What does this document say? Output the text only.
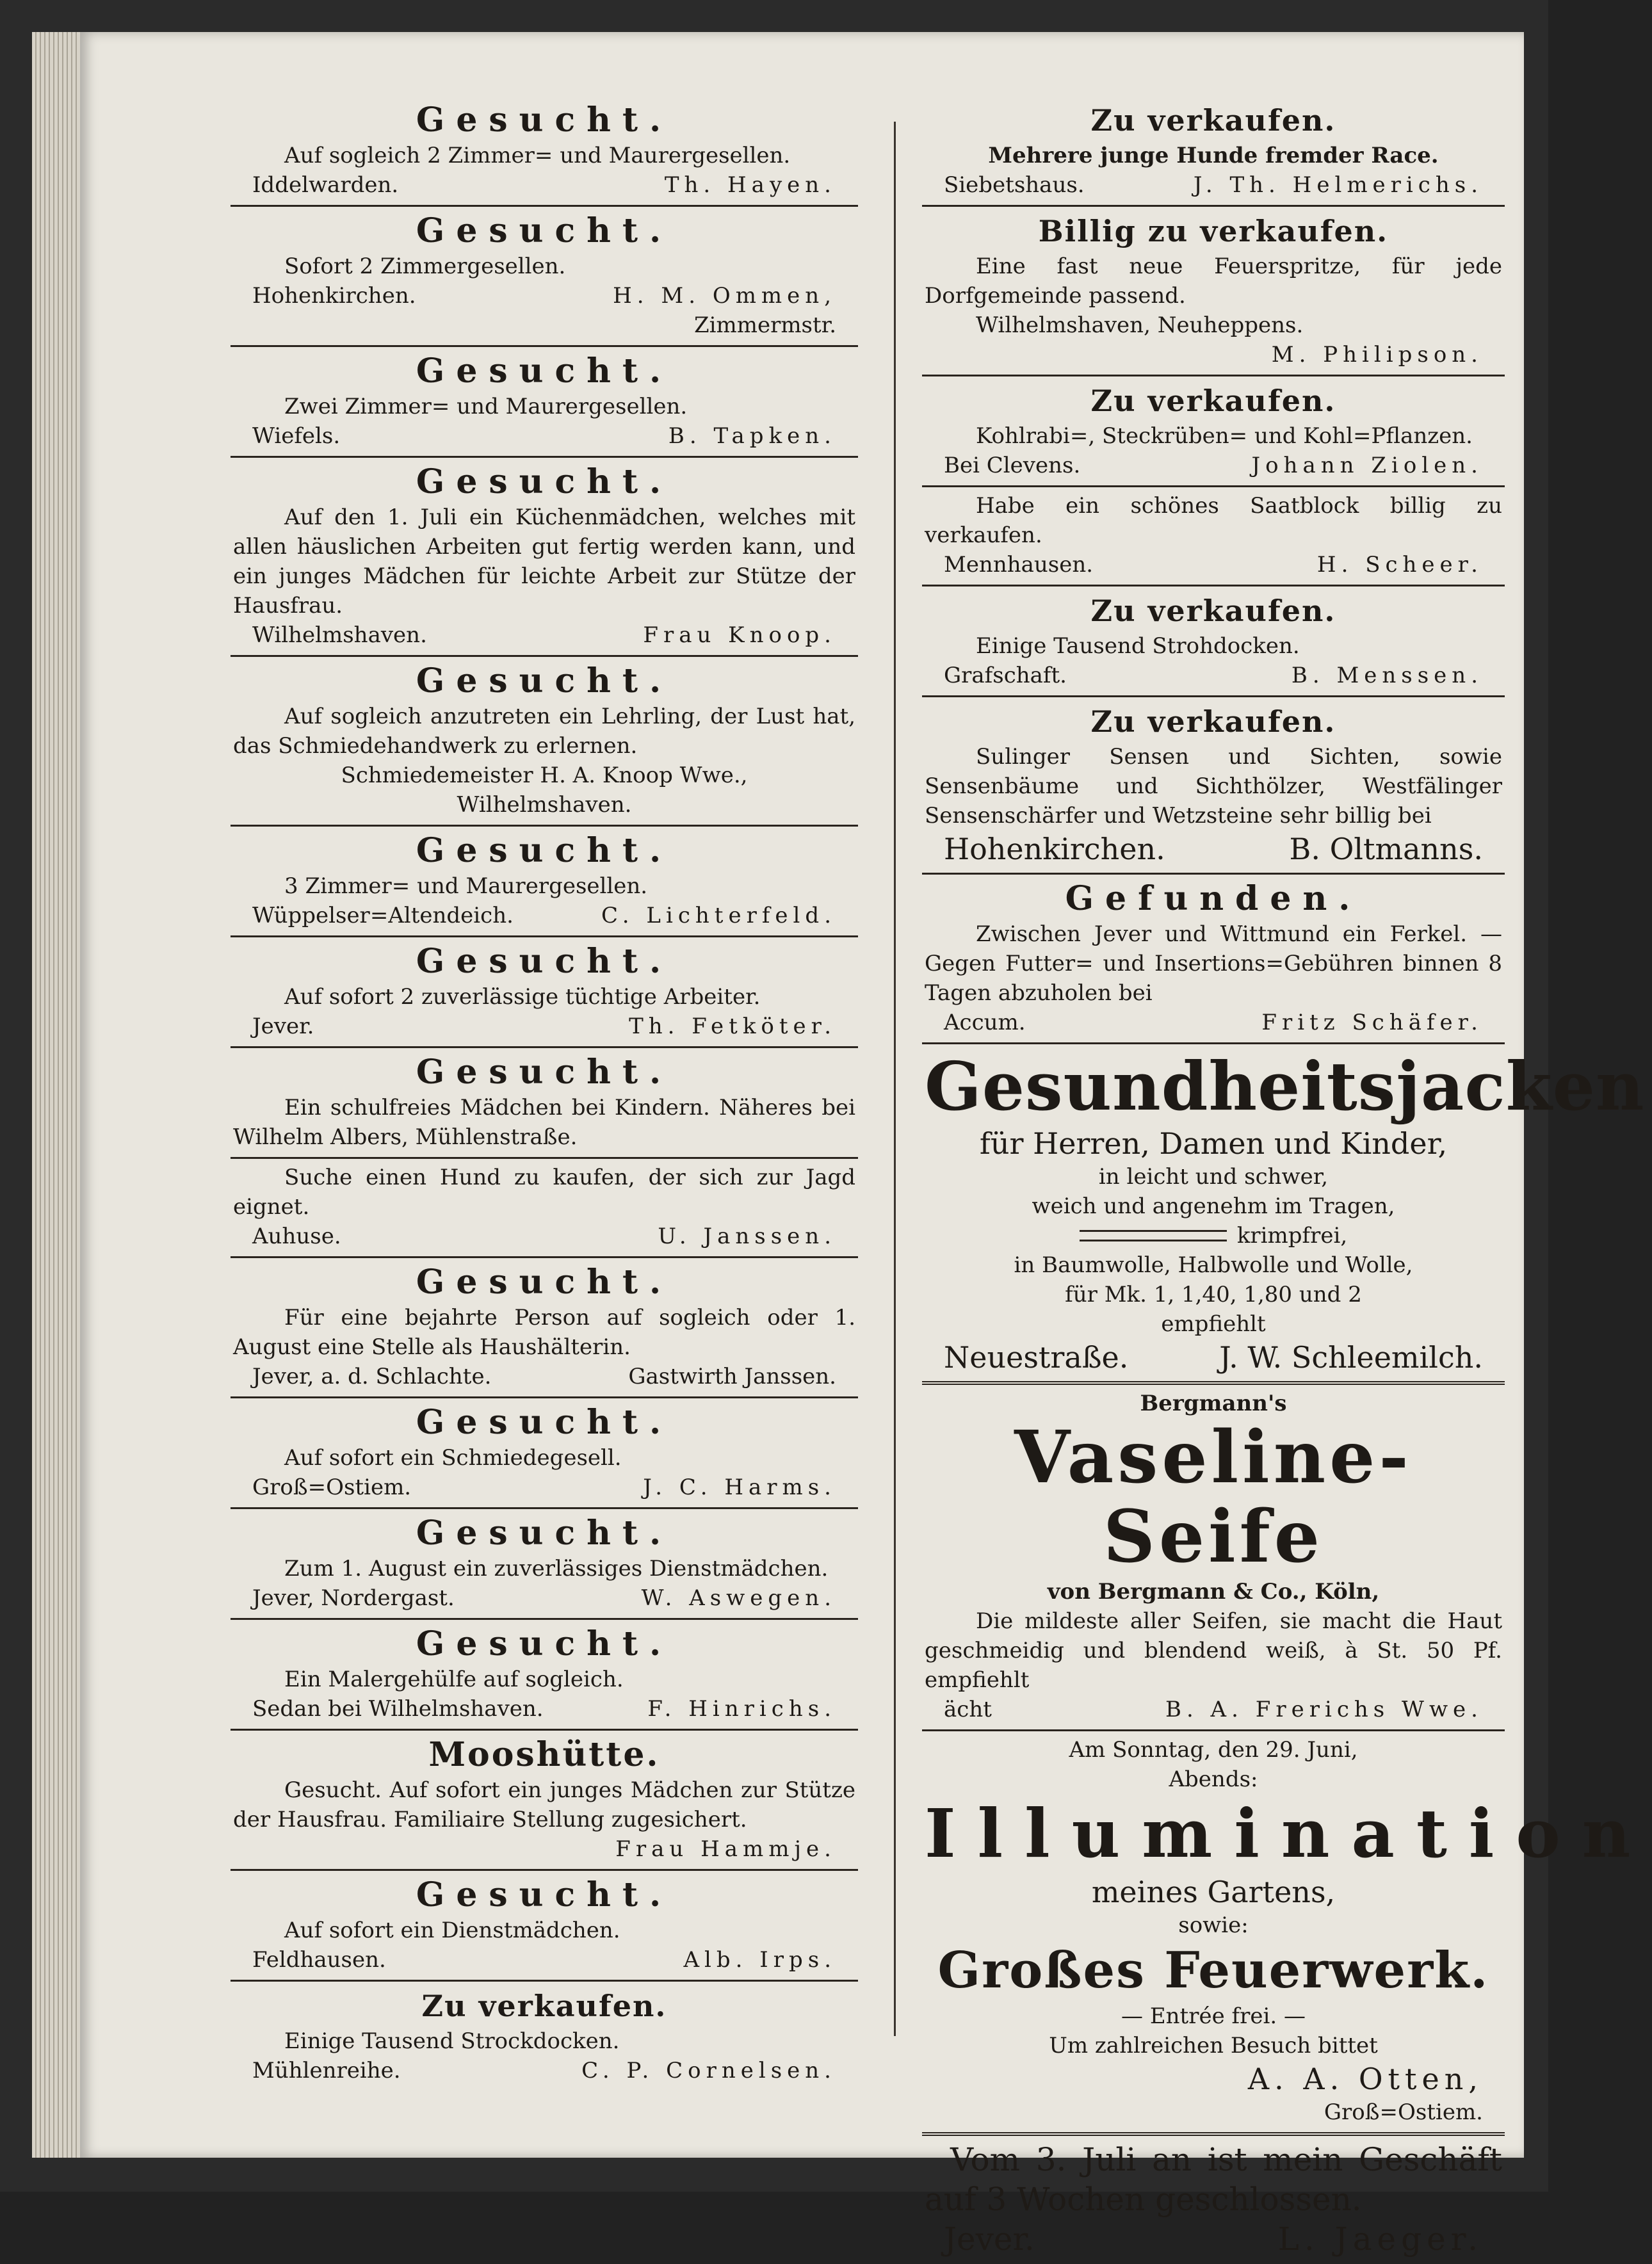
Gesucht.
Auf sogleich 2 Zimmer= und Maurergesellen.
Iddelwarden.	Th. Hayen.
Gesucht.
Sofort 2 Zimmergesellen.
Hohenkirchen.	H. M. Ommen,
Zimmermstr.
Gesucht.
Zwei Zimmer= und Maurergesellen.
Wiefels.	B. Tapken.
Gesucht.
Auf den 1. Juli ein Küchenmädchen, welches mit allen häuslichen Arbeiten gut fertig werden kann, und ein junges Mädchen für leichte Arbeit zur Stütze der Hausfrau.
Wilhelmshaven.	Frau Knoop.
Gesucht.
Auf sogleich anzutreten ein Lehrling, der Lust hat, das Schmiedehandwerk zu erlernen.
Schmiedemeister H. A. Knoop Wwe.,
Wilhelmshaven.
Gesucht.
3 Zimmer= und Maurergesellen.
Wüppelser=Altendeich.	C. Lichterfeld.
Gesucht.
Auf sofort 2 zuverlässige tüchtige Arbeiter.
Jever.	Th. Fetköter.
Gesucht.
Ein schulfreies Mädchen bei Kindern. Näheres bei Wilhelm Albers, Mühlenstraße.
Suche einen Hund zu kaufen, der sich zur Jagd eignet.
Auhuse.	U. Janssen.
Gesucht.
Für eine bejahrte Person auf sogleich oder 1. August eine Stelle als Haushälterin.
Jever, a. d. Schlachte.	Gastwirth Janssen.
Gesucht.
Auf sofort ein Schmiedegesell.
Groß=Ostiem.	J. C. Harms.
Gesucht.
Zum 1. August ein zuverlässiges Dienstmädchen.
Jever, Nordergast.	W. Aswegen.
Gesucht.
Ein Malergehülfe auf sogleich.
Sedan bei Wilhelmshaven.	F. Hinrichs.
Mooshütte.
Gesucht. Auf sofort ein junges Mädchen zur Stütze der Hausfrau. Familiaire Stellung zugesichert.
Frau Hammje.
Gesucht.
Auf sofort ein Dienstmädchen.
Feldhausen.	Alb. Irps.
Zu verkaufen.
Einige Tausend Strockdocken.
Mühlenreihe.	C. P. Cornelsen.
Zu verkaufen.
Mehrere junge Hunde fremder Race.
Siebetshaus.	J. Th. Helmerichs.
Billig zu verkaufen.
Eine fast neue Feuerspritze, für jede Dorfgemeinde passend.
Wilhelmshaven, Neuheppens.
M. Philipson.
Zu verkaufen.
Kohlrabi=, Steckrüben= und Kohl=Pflanzen.
Bei Clevens.	Johann Ziolen.
Habe ein schönes Saatblock billig zu verkaufen.
Mennhausen.	H. Scheer.
Zu verkaufen.
Einige Tausend Strohdocken.
Grafschaft.	B. Menssen.
Zu verkaufen.
Sulinger Sensen und Sichten, sowie Sensenbäume und Sichthölzer, Westfälinger Sensenschärfer und Wetzsteine sehr billig bei
Hohenkirchen.	B. Oltmanns.
Gefunden.
Zwischen Jever und Wittmund ein Ferkel. — Gegen Futter= und Insertions=Gebühren binnen 8 Tagen abzuholen bei
Accum.	Fritz Schäfer.
Gesundheitsjacken
für Herren, Damen und Kinder,
in leicht und schwer,
weich und angenehm im Tragen,
krimpfrei,
in Baumwolle, Halbwolle und Wolle,
für Mk. 1, 1,40, 1,80 und 2
empfiehlt
Neuestraße.	J. W. Schleemilch.
Bergmann's
Vaseline-Seife
von Bergmann & Co., Köln,
Die mildeste aller Seifen, sie macht die Haut geschmeidig und blendend weiß, à St. 50 Pf. empfiehlt
ächt	B. A. Frerichs Wwe.
Am Sonntag, den 29. Juni,
Abends:
Illumination
meines Gartens,
sowie:
Großes Feuerwerk.
— Entrée frei. —
Um zahlreichen Besuch bittet
A. A. Otten,
Groß=Ostiem.
Vom 3. Juli an ist mein Geschäft auf 3 Wochen geschlossen.
Jever.	L. Jaeger.
